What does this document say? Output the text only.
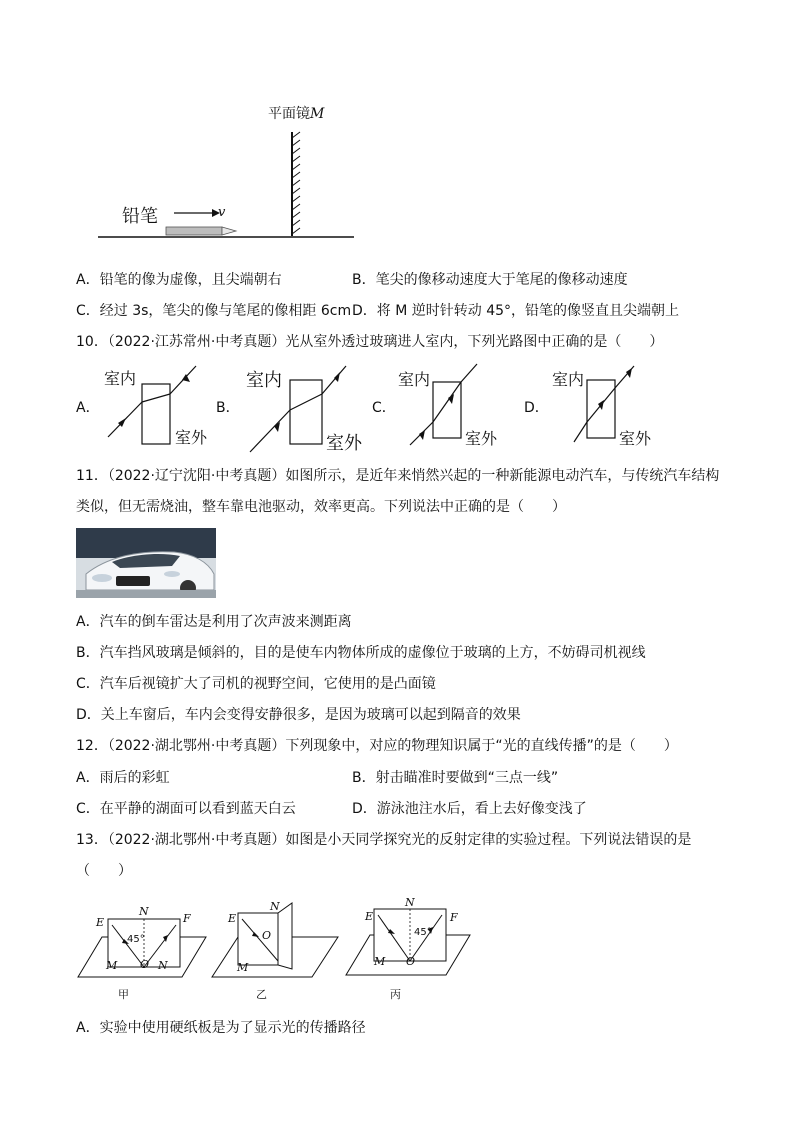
平面镜M
铅笔	v
A．铅笔的像为虚像，且尖端朝右	B．笔尖的像移动速度大于笔尾的像移动速度
C．经过 3s，笔尖的像与笔尾的像相距 6cm D．将 M 逆时针转动 45°，铅笔的像竖直且尖端朝上
10．（2022·江苏常州·中考真题）光从室外透过玻璃进人室内，下列光路图中正确的是（　　）
A．	B．	C．	D．
室内
室外
室内
室外
室内
室外
室内
室外
11．（2022·辽宁沈阳·中考真题）如图所示，是近年来悄然兴起的一种新能源电动汽车，与传统汽车结构
类似，但无需烧油，整车靠电池驱动，效率更高。下列说法中正确的是（　　）
A．汽车的倒车雷达是利用了次声波来测距离
B．汽车挡风玻璃是倾斜的，目的是使车内物体所成的虚像位于玻璃的上方，不妨碍司机视线
C．汽车后视镜扩大了司机的视野空间，它使用的是凸面镜
D．关上车窗后，车内会变得安静很多，是因为玻璃可以起到隔音的效果
12．（2022·湖北鄂州·中考真题）下列现象中，对应的物理知识属于“光的直线传播”的是（　　）
A．雨后的彩虹	B．射击瞄准时要做到“三点一线”
C．在平静的湖面可以看到蓝天白云	D．游泳池注水后，看上去好像变浅了
13．（2022·湖北鄂州·中考真题）如图是小天同学探究光的反射定律的实验过程。下列说法错误的是
（　　）
E	F
N
45°
M O N
甲
E
N
O
M
乙
E	F
N
45°
M O
丙
A．实验中使用硬纸板是为了显示光的传播路径
